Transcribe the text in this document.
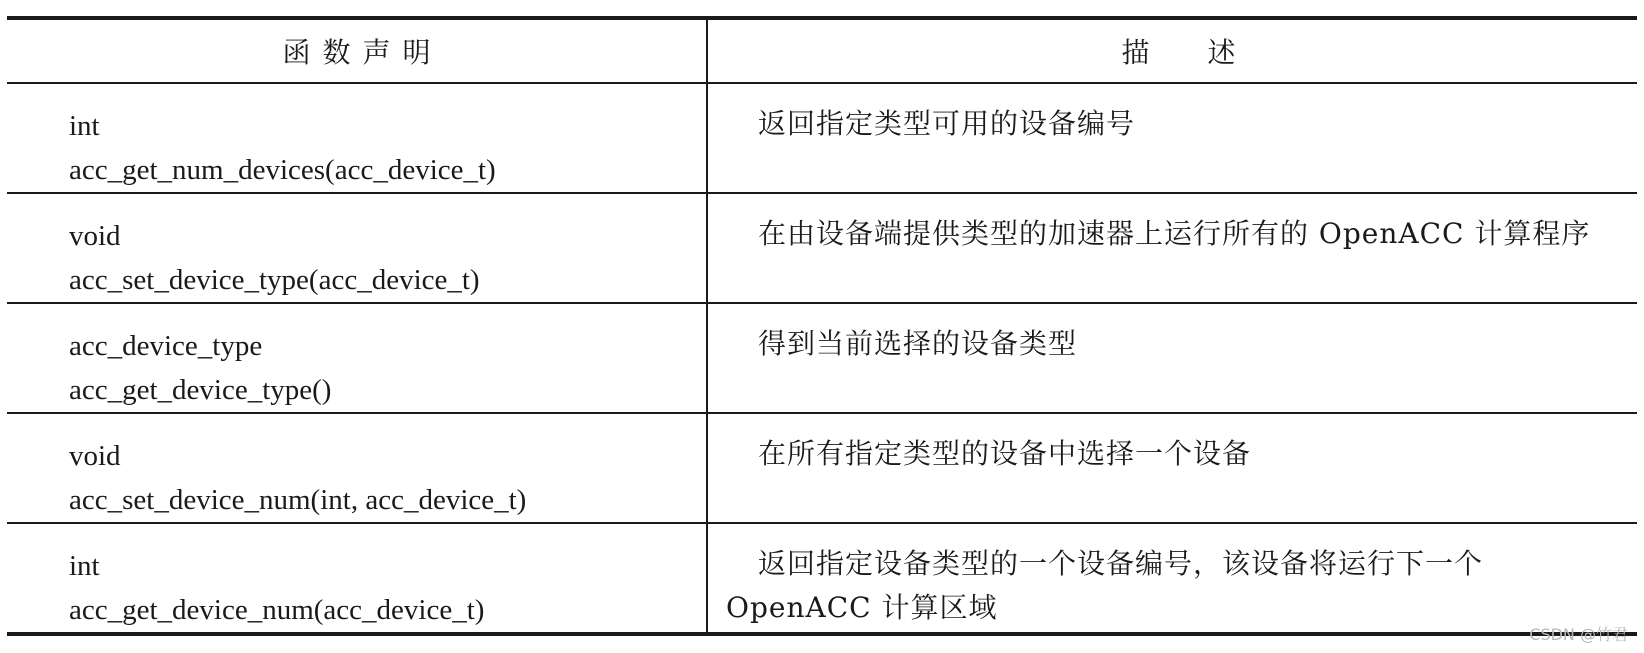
函数声明	描述
int
acc_get_num_devices(acc_device_t)
返回指定类型可用的设备编号
void
acc_set_device_type(acc_device_t)
在由设备端提供类型的加速器上运行所有的 OpenACC 计算程序
acc_device_type
acc_get_device_type()
得到当前选择的设备类型
void
acc_set_device_num(int, acc_device_t)
在所有指定类型的设备中选择一个设备
int
acc_get_device_num(acc_device_t)
返回指定设备类型的一个设备编号，该设备将运行下一个 OpenACC 计算区域
CSDN @竹君
